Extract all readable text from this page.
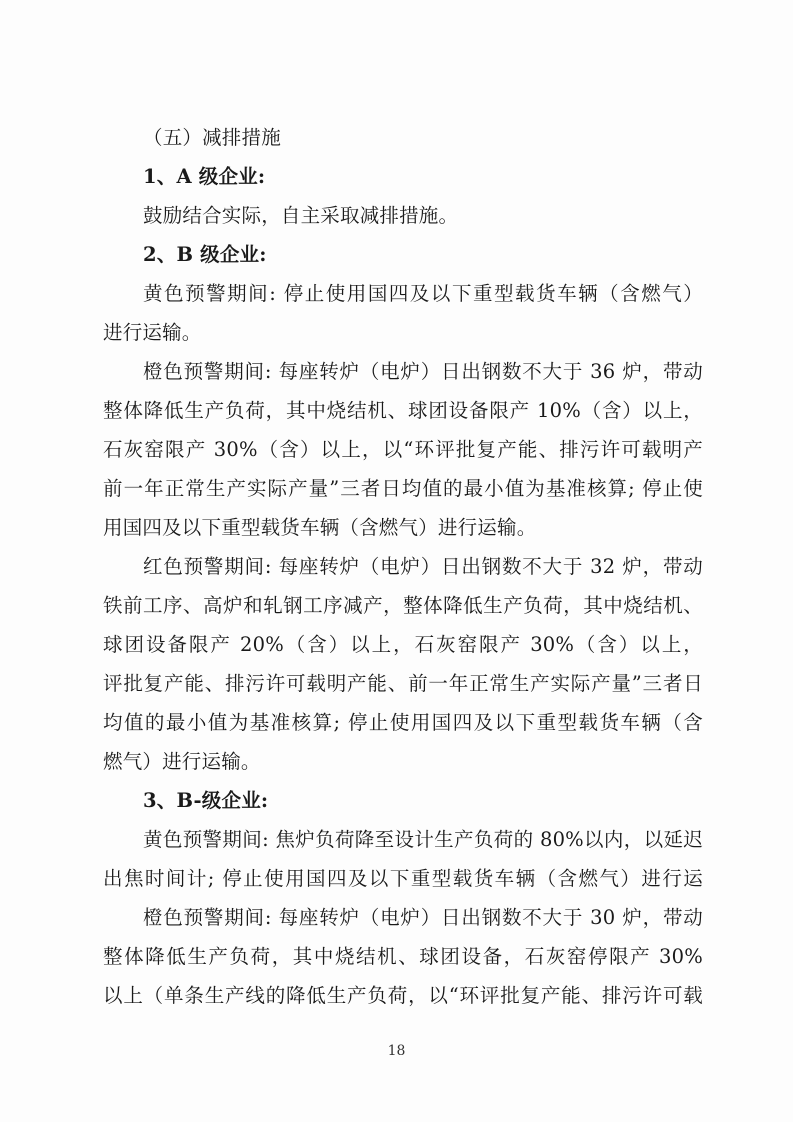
（五）减排措施
1、A 级企业:
鼓励结合实际，自主采取减排措施。
2、B 级企业:
黄色预警期间: 停止使用国四及以下重型载货车辆（含燃气）
进行运输。
橙色预警期间: 每座转炉（电炉）日出钢数不大于 36 炉，带动
整体降低生产负荷，其中烧结机、球团设备限产 10%（含）以上，
石灰窑限产 30%（含）以上，以“环评批复产能、排污许可载明产
前一年正常生产实际产量”三者日均值的最小值为基准核算; 停止使
用国四及以下重型载货车辆（含燃气）进行运输。
红色预警期间: 每座转炉（电炉）日出钢数不大于 32 炉，带动
铁前工序、高炉和轧钢工序减产，整体降低生产负荷，其中烧结机、
球团设备限产 20%（含）以上，石灰窑限产 30%（含）以上，
评批复产能、排污许可载明产能、前一年正常生产实际产量”三者日
均值的最小值为基准核算; 停止使用国四及以下重型载货车辆（含
燃气）进行运输。
3、B-级企业:
黄色预警期间: 焦炉负荷降至设计生产负荷的 80%以内，以延迟
出焦时间计; 停止使用国四及以下重型载货车辆（含燃气）进行运
橙色预警期间: 每座转炉（电炉）日出钢数不大于 30 炉，带动
整体降低生产负荷，其中烧结机、球团设备，石灰窑停限产 30%
以上（单条生产线的降低生产负荷，以“环评批复产能、排污许可载
18
